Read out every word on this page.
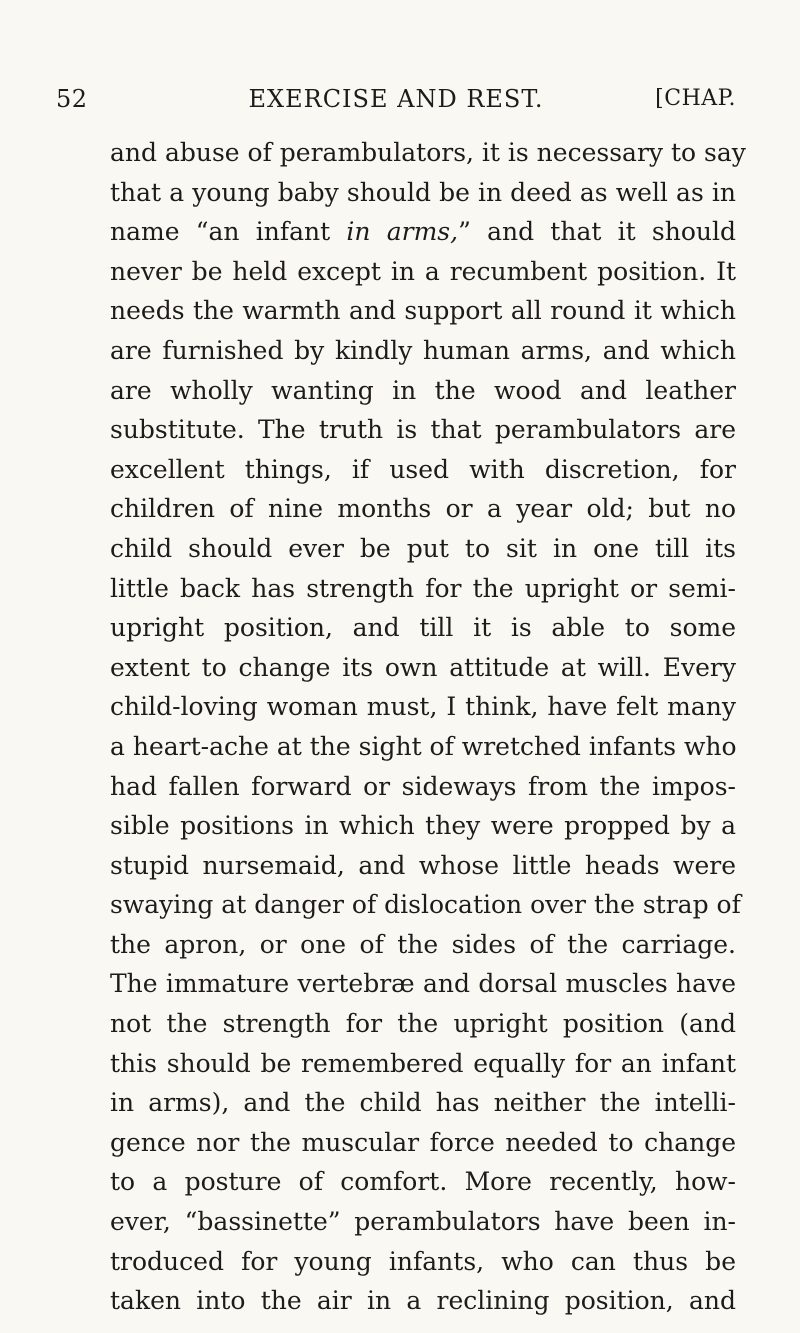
52	EXERCISE AND REST.	[CHAP.
and abuse of perambulators, it is necessary to say
that a young baby should be in deed as well as in
name “an infant in arms,” and that it should
never be held except in a recumbent position. It
needs the warmth and support all round it which
are furnished by kindly human arms, and which
are wholly wanting in the wood and leather
substitute. The truth is that perambulators are
excellent things, if used with discretion, for
children of nine months or a year old; but no
child should ever be put to sit in one till its
little back has strength for the upright or semi-
upright position, and till it is able to some
extent to change its own attitude at will. Every
child-loving woman must, I think, have felt many
a heart-ache at the sight of wretched infants who
had fallen forward or sideways from the impos-
sible positions in which they were propped by a
stupid nursemaid, and whose little heads were
swaying at danger of dislocation over the strap of
the apron, or one of the sides of the carriage.
The immature vertebræ and dorsal muscles have
not the strength for the upright position (and
this should be remembered equally for an infant
in arms), and the child has neither the intelli-
gence nor the muscular force needed to change
to a posture of comfort. More recently, how-
ever, “bassinette” perambulators have been in-
troduced for young infants, who can thus be
taken into the air in a reclining position, and
